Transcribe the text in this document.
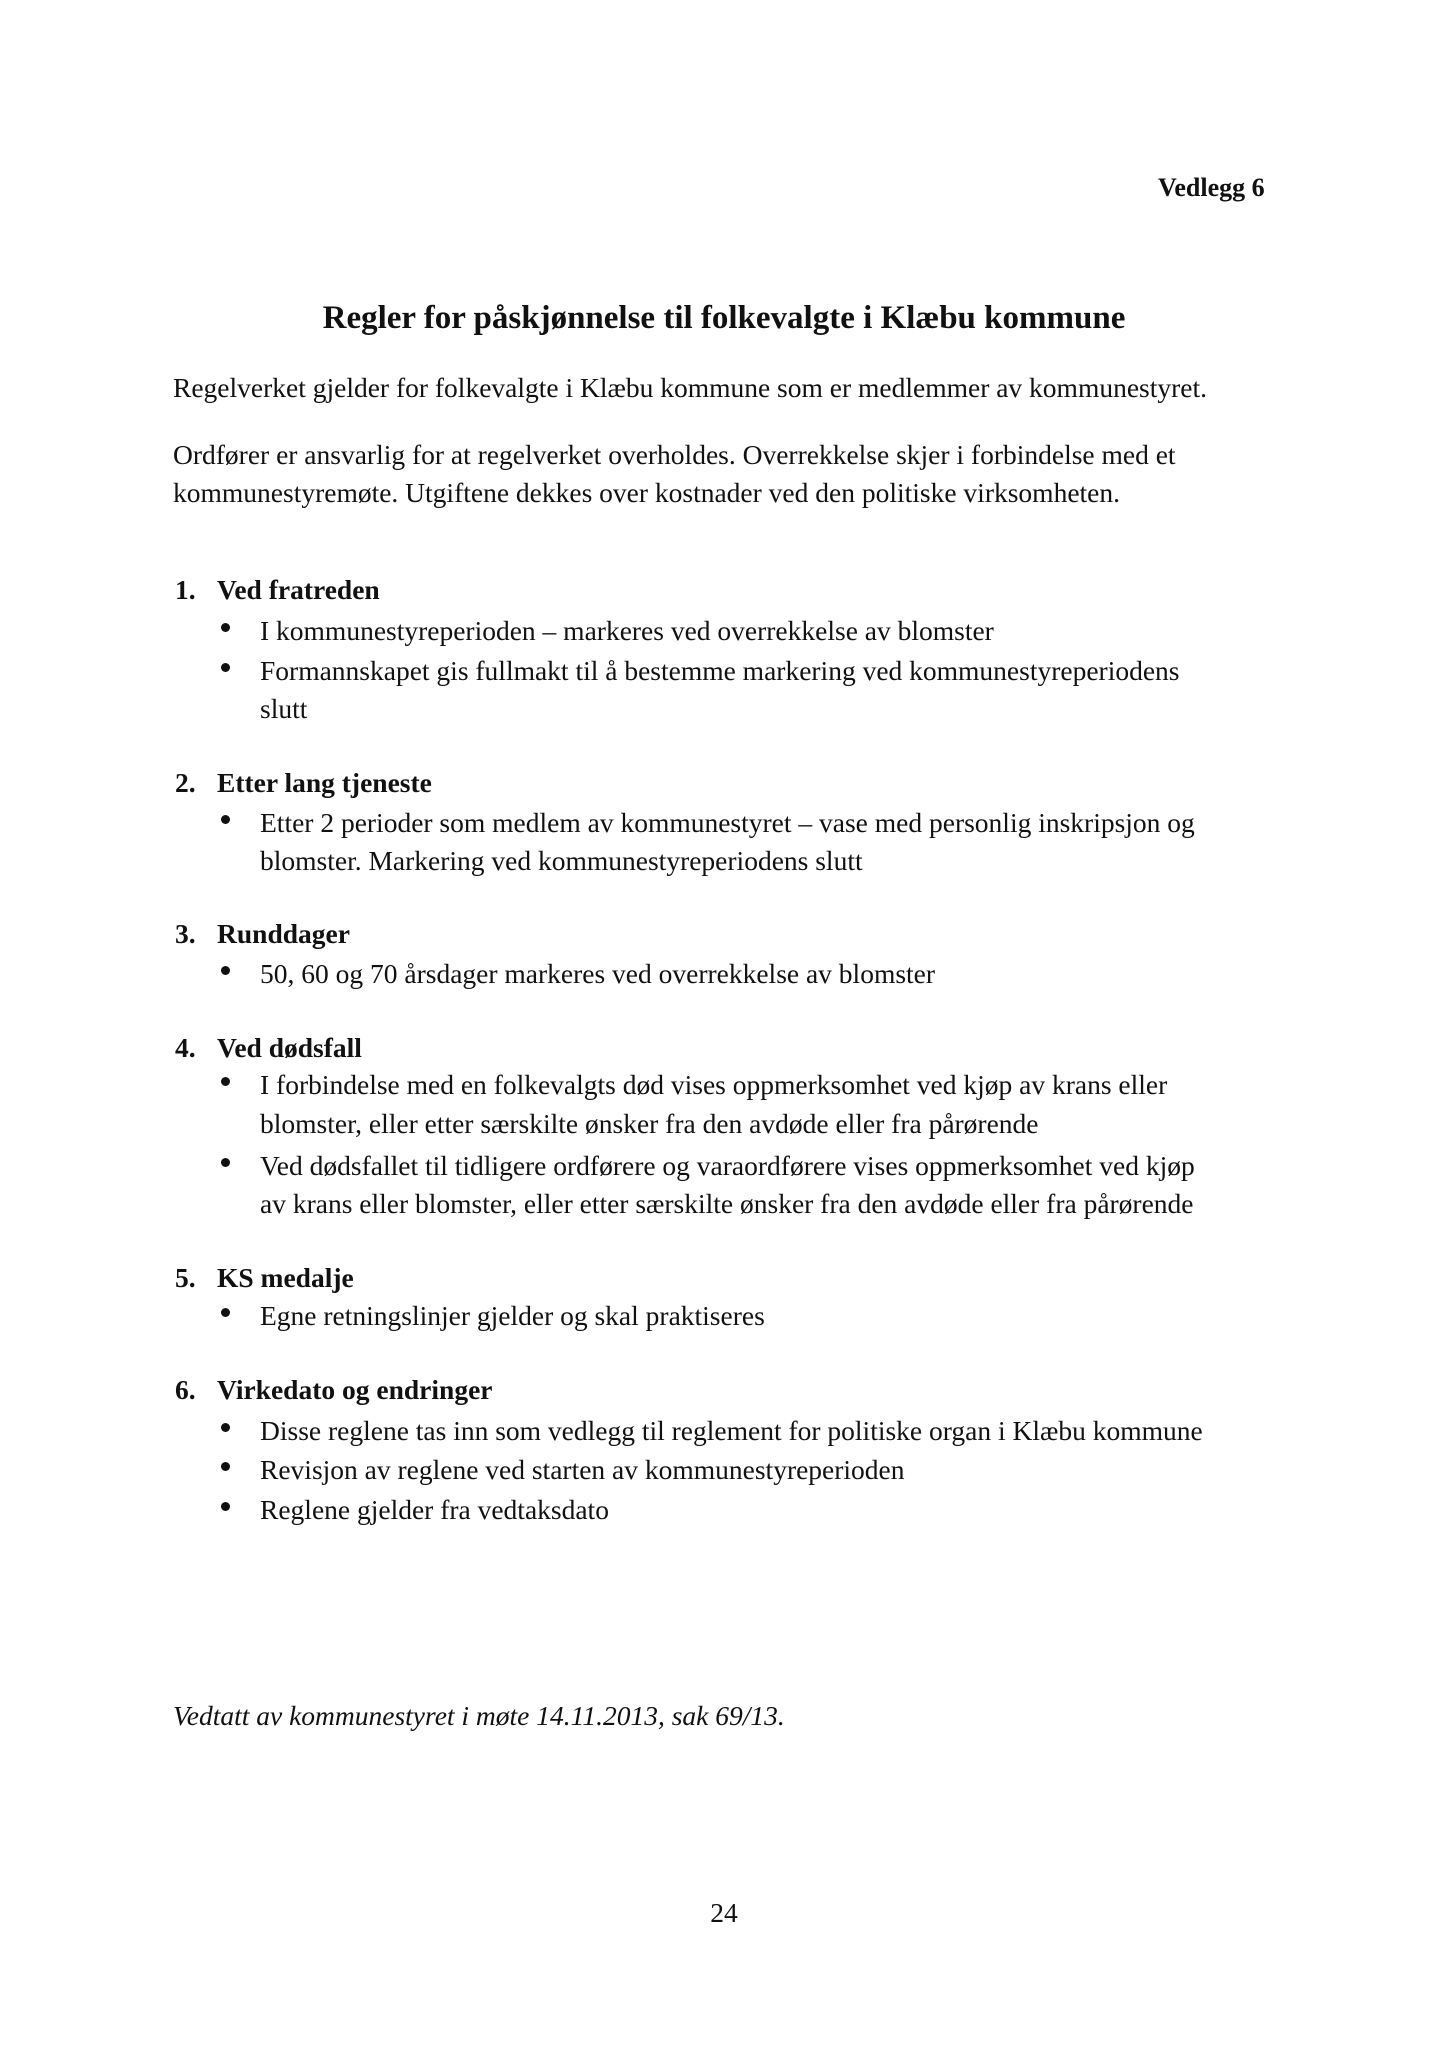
Vedlegg 6
Regler for påskjønnelse til folkevalgte i Klæbu kommune
Regelverket gjelder for folkevalgte i Klæbu kommune som er medlemmer av kommunestyret.
Ordfører er ansvarlig for at regelverket overholdes. Overrekkelse skjer i forbindelse med et
kommunestyremøte. Utgiftene dekkes over kostnader ved den politiske virksomheten.
1. Ved fratreden
I kommunestyreperioden – markeres ved overrekkelse av blomster
Formannskapet gis fullmakt til å bestemme markering ved kommunestyreperiodens
slutt
2. Etter lang tjeneste
Etter 2 perioder som medlem av kommunestyret – vase med personlig inskripsjon og
blomster. Markering ved kommunestyreperiodens slutt
3. Runddager
50, 60 og 70 årsdager markeres ved overrekkelse av blomster
4. Ved dødsfall
I forbindelse med en folkevalgts død vises oppmerksomhet ved kjøp av krans eller
blomster, eller etter særskilte ønsker fra den avdøde eller fra pårørende
Ved dødsfallet til tidligere ordførere og varaordførere vises oppmerksomhet ved kjøp
av krans eller blomster, eller etter særskilte ønsker fra den avdøde eller fra pårørende
5. KS medalje
Egne retningslinjer gjelder og skal praktiseres
6. Virkedato og endringer
Disse reglene tas inn som vedlegg til reglement for politiske organ i Klæbu kommune
Revisjon av reglene ved starten av kommunestyreperioden
Reglene gjelder fra vedtaksdato
Vedtatt av kommunestyret i møte 14.11.2013, sak 69/13.
24
